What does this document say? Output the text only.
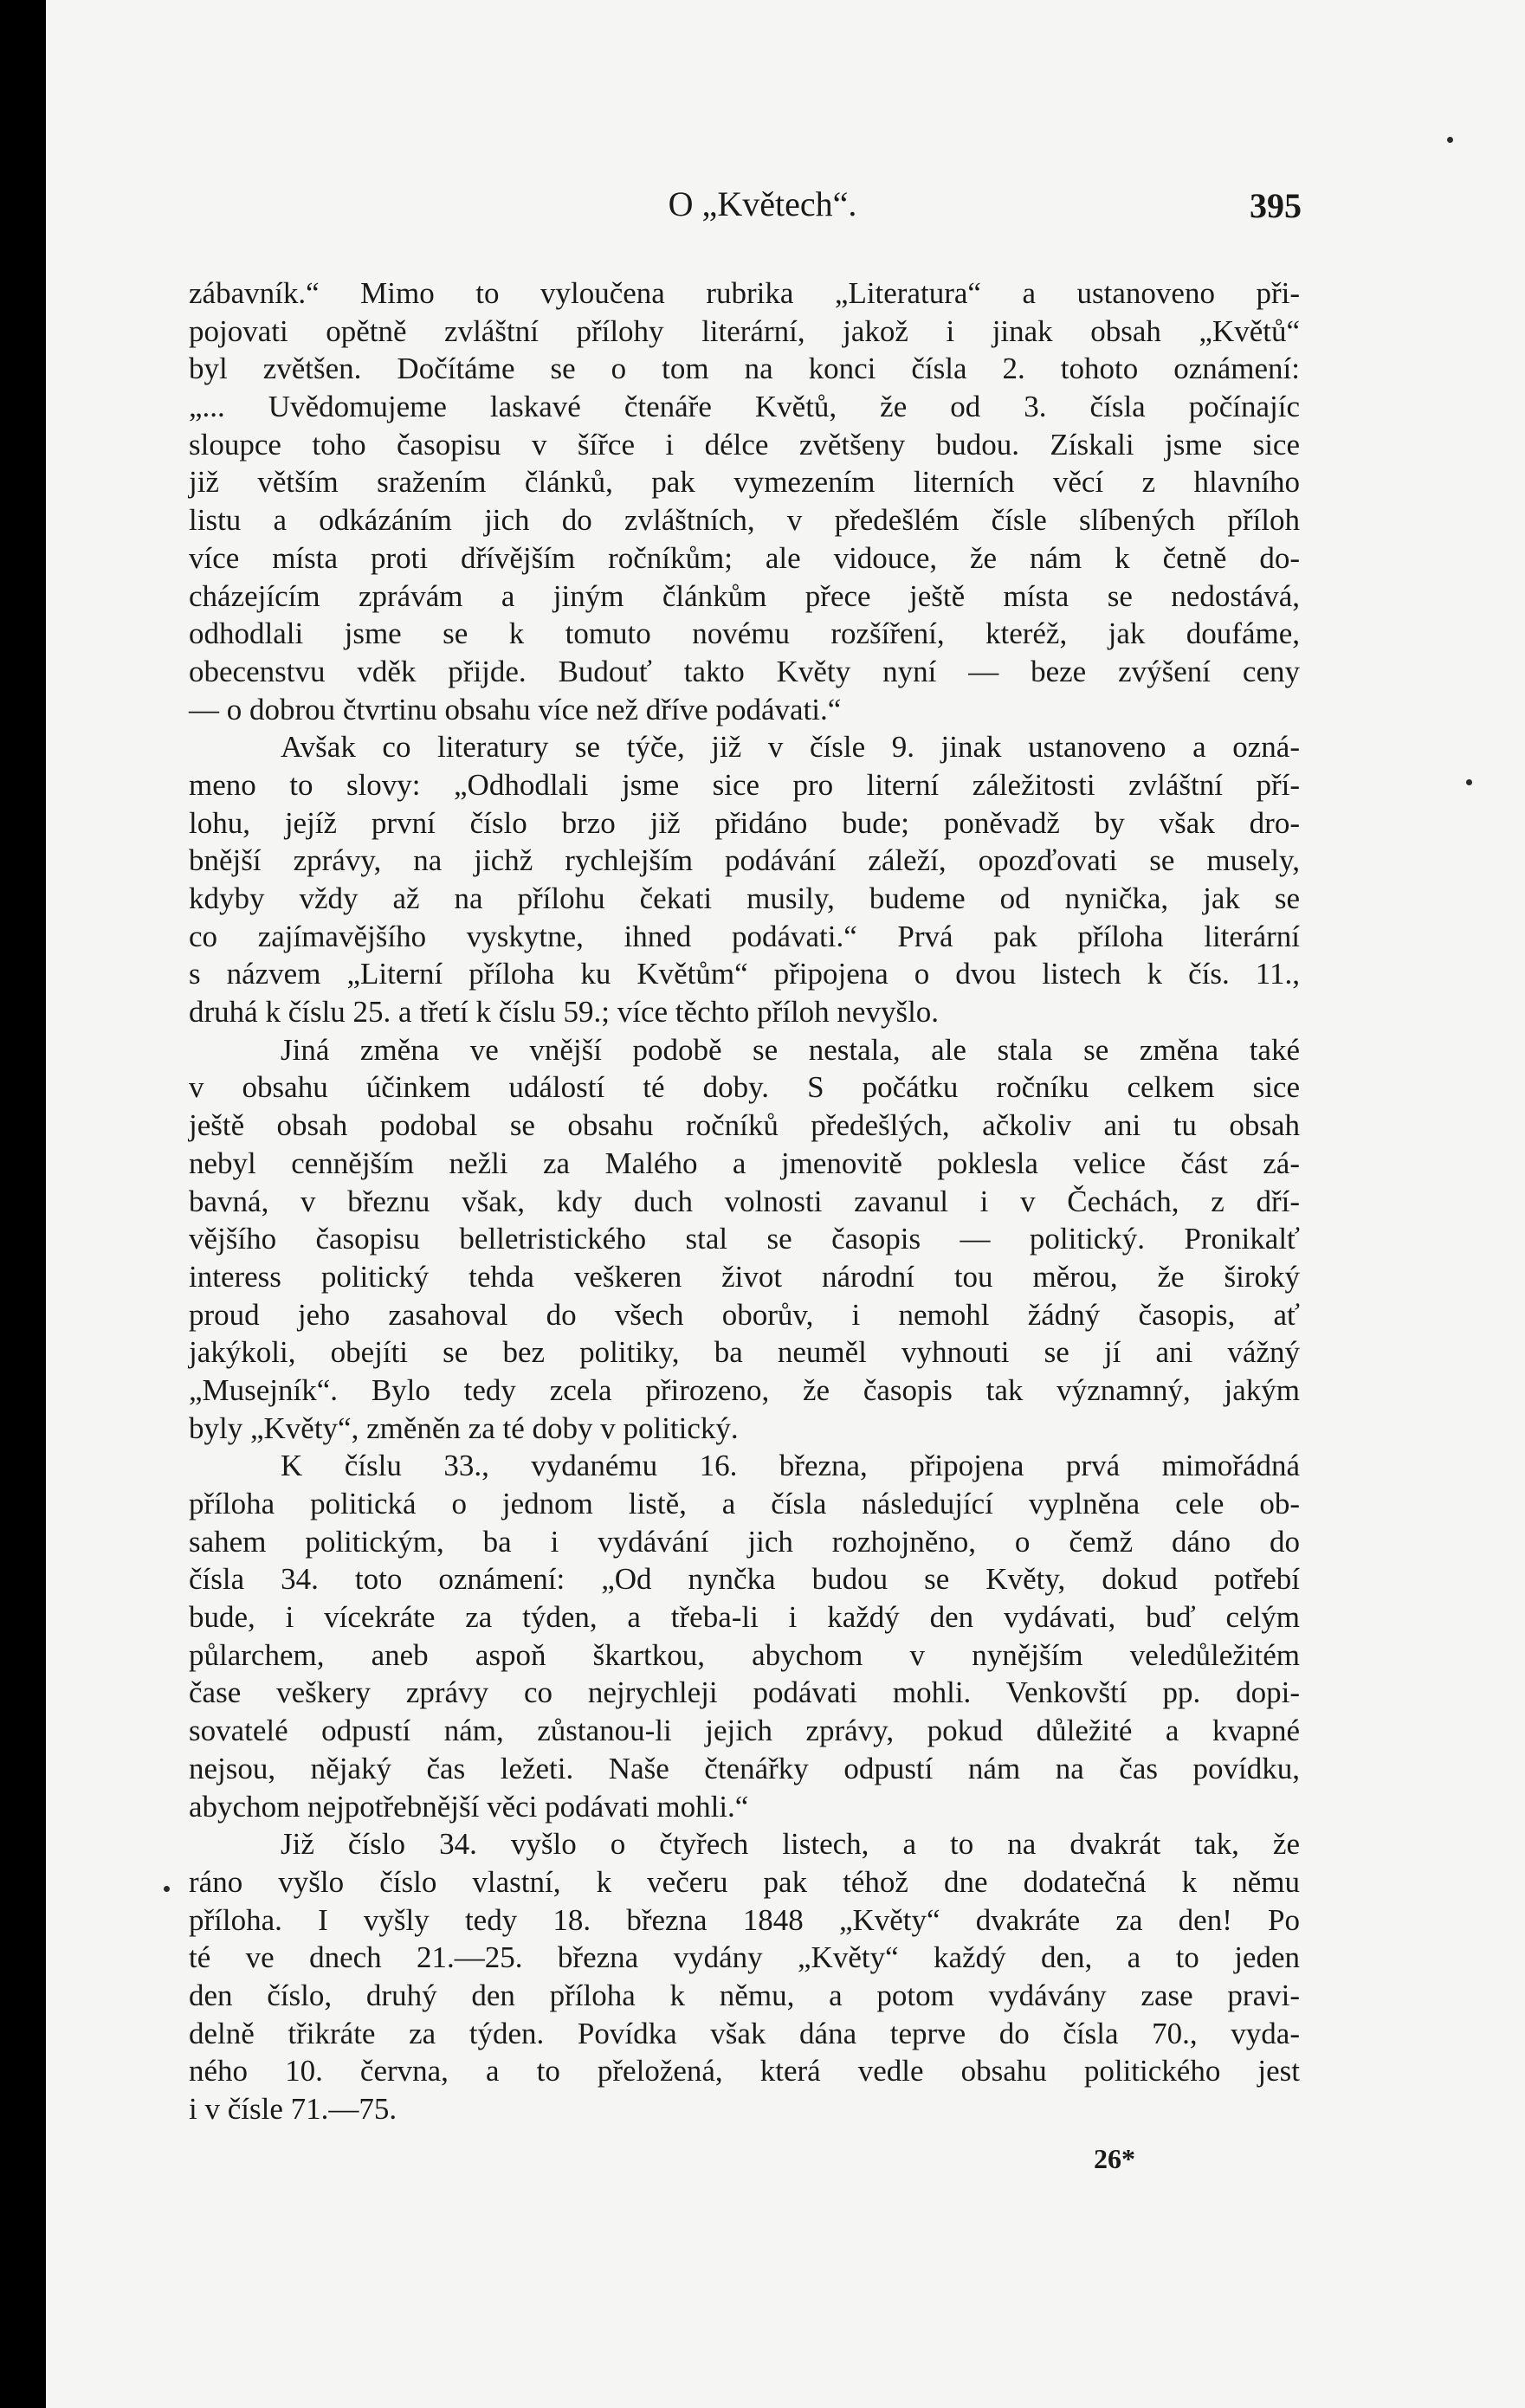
O „Květech“.	395
zábavník.“ Mimo to vyloučena rubrika „Literatura“ a ustanoveno při-
pojovati opětně zvláštní přílohy literární, jakož i jinak obsah „Květů“
byl zvětšen. Dočítáme se o tom na konci čísla 2. tohoto oznámení:
„... Uvědomujeme laskavé čtenáře Květů, že od 3. čísla počínajíc
sloupce toho časopisu v šířce i délce zvětšeny budou. Získali jsme sice
již větším sražením článků, pak vymezením literních věcí z hlavního
listu a odkázáním jich do zvláštních, v předešlém čísle slíbených příloh
více místa proti dřívějším ročníkům; ale vidouce, že nám k četně do-
cházejícím zprávám a jiným článkům přece ještě místa se nedostává,
odhodlali jsme se k tomuto novému rozšíření, kteréž, jak doufáme,
obecenstvu vděk přijde. Budouť takto Květy nyní — beze zvýšení ceny
— o dobrou čtvrtinu obsahu více než dříve podávati.“
Avšak co literatury se týče, již v čísle 9. jinak ustanoveno a ozná-
meno to slovy: „Odhodlali jsme sice pro literní záležitosti zvláštní pří-
lohu, jejíž první číslo brzo již přidáno bude; poněvadž by však dro-
bnější zprávy, na jichž rychlejším podávání záleží, opozďovati se musely,
kdyby vždy až na přílohu čekati musily, budeme od nynička, jak se
co zajímavějšího vyskytne, ihned podávati.“ Prvá pak příloha literární
s názvem „Literní příloha ku Květům“ připojena o dvou listech k čís. 11.,
druhá k číslu 25. a třetí k číslu 59.; více těchto příloh nevyšlo.
Jiná změna ve vnější podobě se nestala, ale stala se změna také
v obsahu účinkem událostí té doby. S počátku ročníku celkem sice
ještě obsah podobal se obsahu ročníků předešlých, ačkoliv ani tu obsah
nebyl cennějším nežli za Malého a jmenovitě poklesla velice část zá-
bavná, v březnu však, kdy duch volnosti zavanul i v Čechách, z dří-
vějšího časopisu belletristického stal se časopis — politický. Pronikalť
interess politický tehda veškeren život národní tou měrou, že široký
proud jeho zasahoval do všech oborův, i nemohl žádný časopis, ať
jakýkoli, obejíti se bez politiky, ba neuměl vyhnouti se jí ani vážný
„Musejník“. Bylo tedy zcela přirozeno, že časopis tak významný, jakým
byly „Květy“, změněn za té doby v politický.
K číslu 33., vydanému 16. března, připojena prvá mimořádná
příloha politická o jednom listě, a čísla následující vyplněna cele ob-
sahem politickým, ba i vydávání jich rozhojněno, o čemž dáno do
čísla 34. toto oznámení: „Od nynčka budou se Květy, dokud potřebí
bude, i vícekráte za týden, a třeba-li i každý den vydávati, buď celým
půlarchem, aneb aspoň škartkou, abychom v nynějším veledůležitém
čase veškery zprávy co nejrychleji podávati mohli. Venkovští pp. dopi-
sovatelé odpustí nám, zůstanou-li jejich zprávy, pokud důležité a kvapné
nejsou, nějaký čas ležeti. Naše čtenářky odpustí nám na čas povídku,
abychom nejpotřebnější věci podávati mohli.“
Již číslo 34. vyšlo o čtyřech listech, a to na dvakrát tak, že
ráno vyšlo číslo vlastní, k večeru pak téhož dne dodatečná k němu
příloha. I vyšly tedy 18. března 1848 „Květy“ dvakráte za den! Po
té ve dnech 21.—25. března vydány „Květy“ každý den, a to jeden
den číslo, druhý den příloha k němu, a potom vydávány zase pravi-
delně třikráte za týden. Povídka však dána teprve do čísla 70., vyda-
ného 10. června, a to přeložená, která vedle obsahu politického jest
i v čísle 71.—75.
26*
